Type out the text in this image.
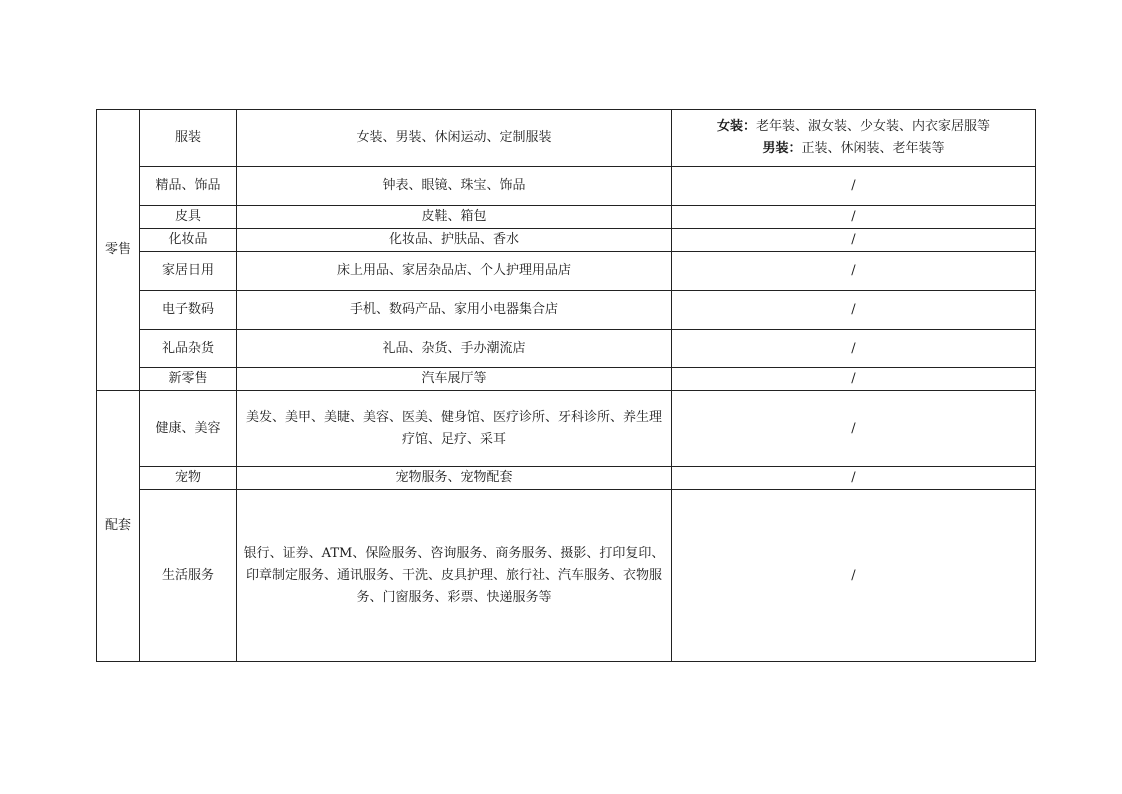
零售	服装	女装、男装、休闲运动、定制服装	女装：老年装、淑女装、少女装、内衣家居服等
男装：正装、休闲装、老年装等

	精品、饰品	钟表、眼镜、珠宝、饰品	/
	皮具	皮鞋、箱包	/
	化妆品	化妆品、护肤品、香水	/
	家居日用	床上用品、家居杂品店、个人护理用品店	/
	电子数码	手机、数码产品、家用小电器集合店	/
	礼品杂货	礼品、杂货、手办潮流店	/
	新零售	汽车展厅等	/
配套	健康、美容	美发、美甲、美睫、美容、医美、健身馆、医疗诊所、牙科诊所、养生理疗馆、足疗、采耳	/
	宠物	宠物服务、宠物配套	/
	生活服务	银行、证券、ATM、保险服务、咨询服务、商务服务、摄影、打印复印、印章制定服务、通讯服务、干洗、皮具护理、旅行社、汽车服务、衣物服务、门窗服务、彩票、快递服务等	/
